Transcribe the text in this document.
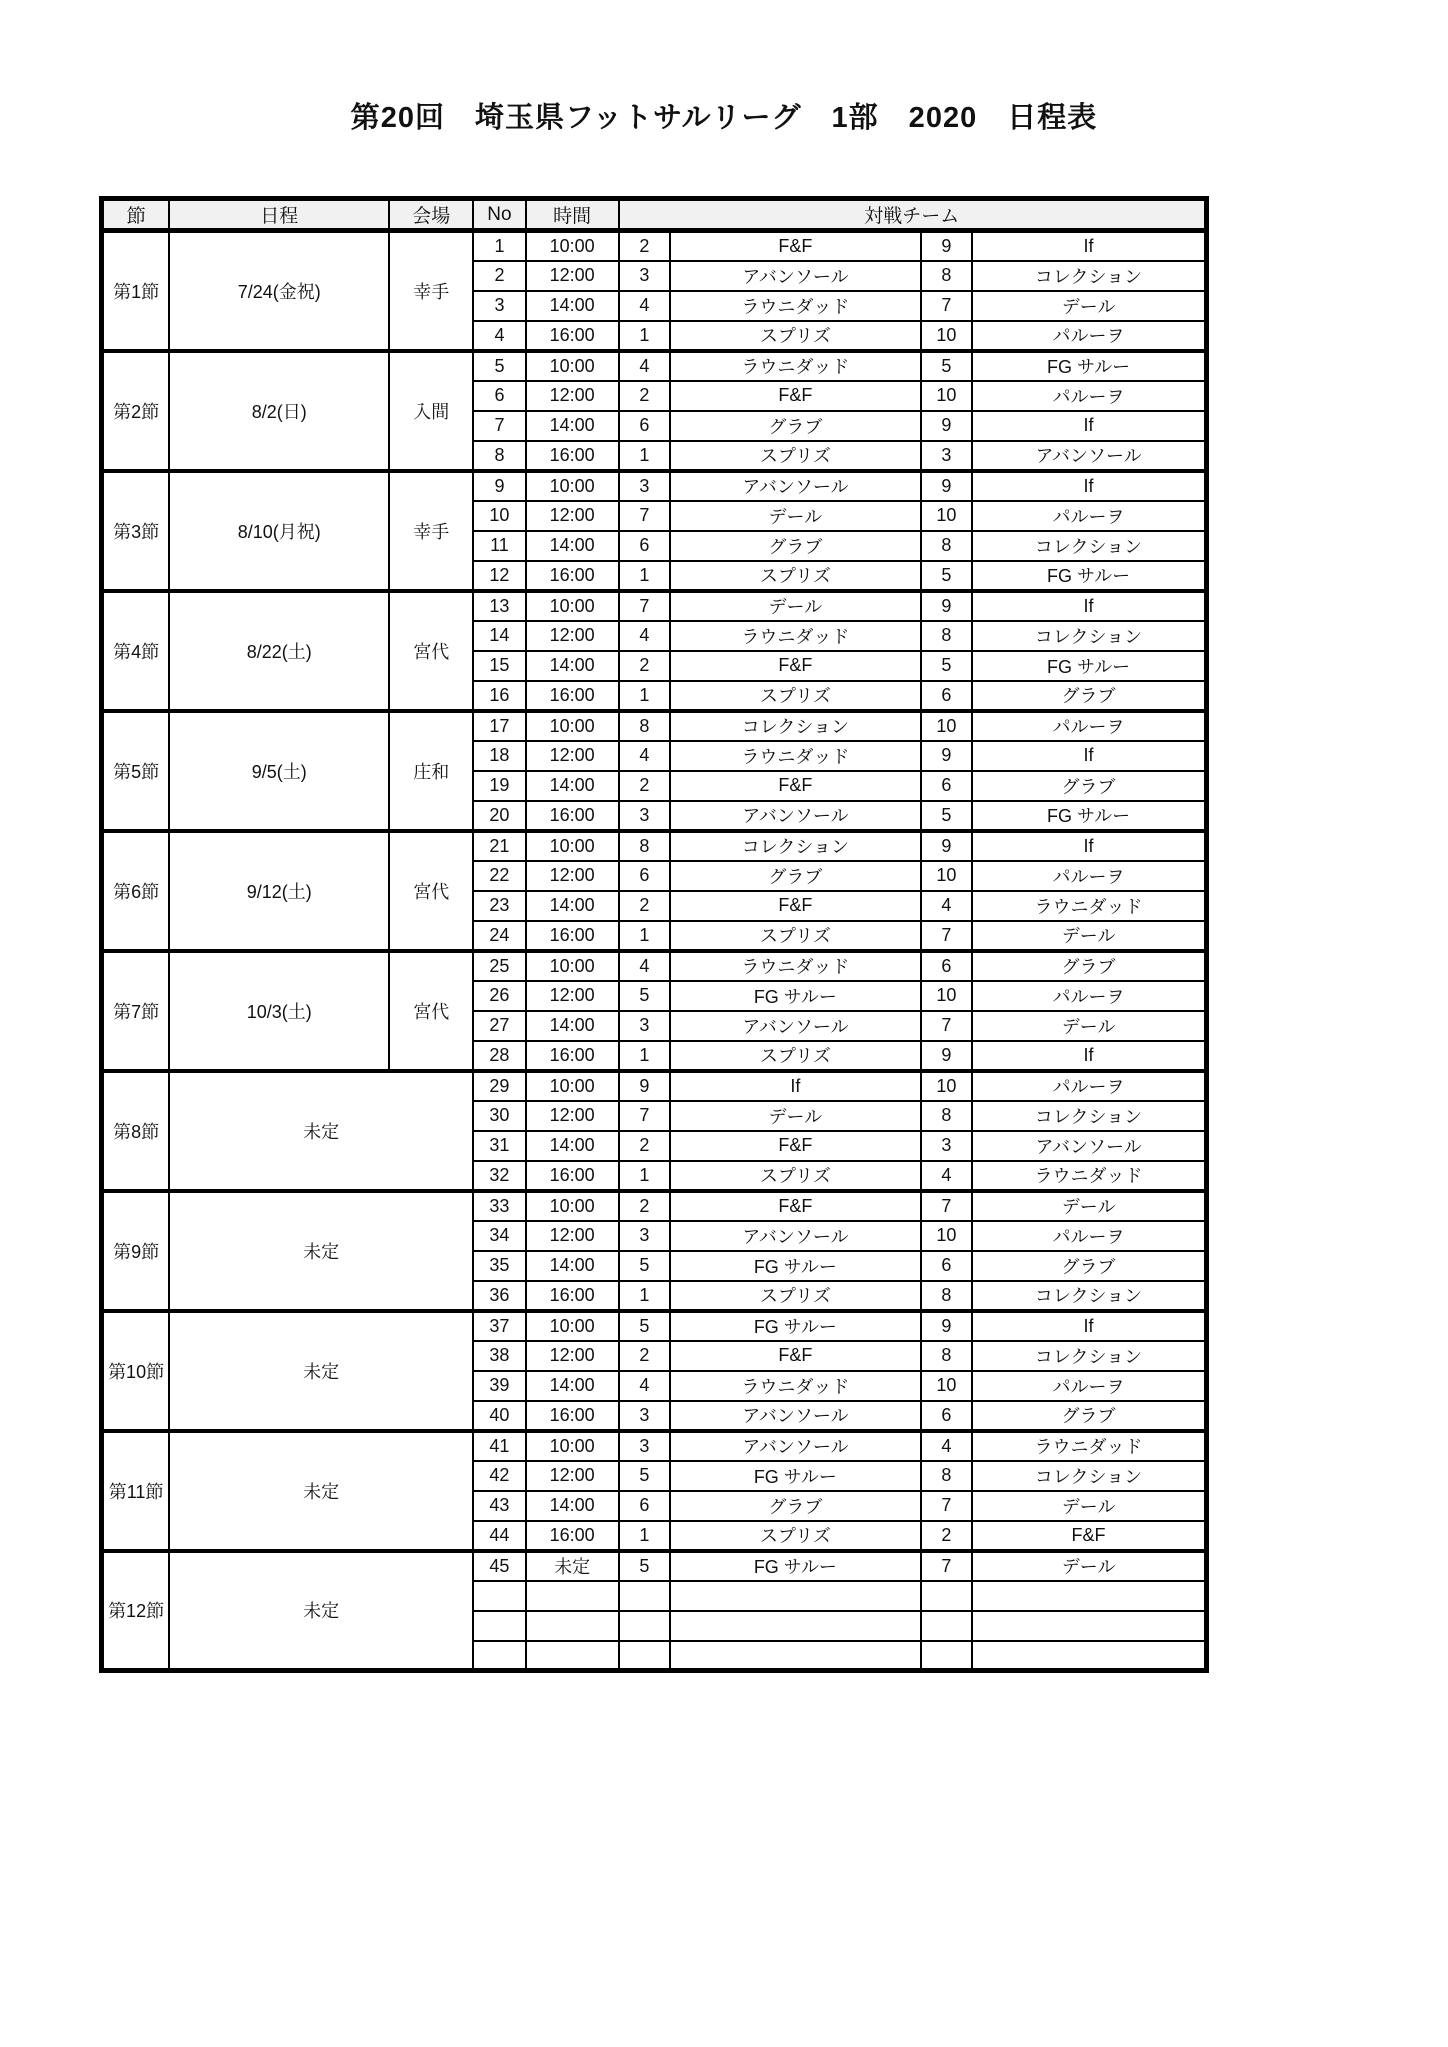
第20回　埼玉県フットサルリーグ　1部　2020　日程表
節	日程	会場	No	時間	対戦チーム			
第1節	7/24(金祝)	幸手	1	10:00	2	F&F	9	If
			2	12:00	3	アバンソール	8	コレクション
			3	14:00	4	ラウニダッド	7	デール
			4	16:00	1	スプリズ	10	パルーヲ
第2節	8/2(日)	入間	5	10:00	4	ラウニダッド	5	FG サルー
			6	12:00	2	F&F	10	パルーヲ
			7	14:00	6	グラブ	9	If
			8	16:00	1	スプリズ	3	アバンソール
第3節	8/10(月祝)	幸手	9	10:00	3	アバンソール	9	If
			10	12:00	7	デール	10	パルーヲ
			11	14:00	6	グラブ	8	コレクション
			12	16:00	1	スプリズ	5	FG サルー
第4節	8/22(土)	宮代	13	10:00	7	デール	9	If
			14	12:00	4	ラウニダッド	8	コレクション
			15	14:00	2	F&F	5	FG サルー
			16	16:00	1	スプリズ	6	グラブ
第5節	9/5(土)	庄和	17	10:00	8	コレクション	10	パルーヲ
			18	12:00	4	ラウニダッド	9	If
			19	14:00	2	F&F	6	グラブ
			20	16:00	3	アバンソール	5	FG サルー
第6節	9/12(土)	宮代	21	10:00	8	コレクション	9	If
			22	12:00	6	グラブ	10	パルーヲ
			23	14:00	2	F&F	4	ラウニダッド
			24	16:00	1	スプリズ	7	デール
第7節	10/3(土)	宮代	25	10:00	4	ラウニダッド	6	グラブ
			26	12:00	5	FG サルー	10	パルーヲ
			27	14:00	3	アバンソール	7	デール
			28	16:00	1	スプリズ	9	If
第8節	未定		29	10:00	9	If	10	パルーヲ
			30	12:00	7	デール	8	コレクション
			31	14:00	2	F&F	3	アバンソール
			32	16:00	1	スプリズ	4	ラウニダッド
第9節	未定		33	10:00	2	F&F	7	デール
			34	12:00	3	アバンソール	10	パルーヲ
			35	14:00	5	FG サルー	6	グラブ
			36	16:00	1	スプリズ	8	コレクション
第10節	未定		37	10:00	5	FG サルー	9	If
			38	12:00	2	F&F	8	コレクション
			39	14:00	4	ラウニダッド	10	パルーヲ
			40	16:00	3	アバンソール	6	グラブ
第11節	未定		41	10:00	3	アバンソール	4	ラウニダッド
			42	12:00	5	FG サルー	8	コレクション
			43	14:00	6	グラブ	7	デール
			44	16:00	1	スプリズ	2	F&F
第12節	未定		45	未定	5	FG サルー	7	デール
